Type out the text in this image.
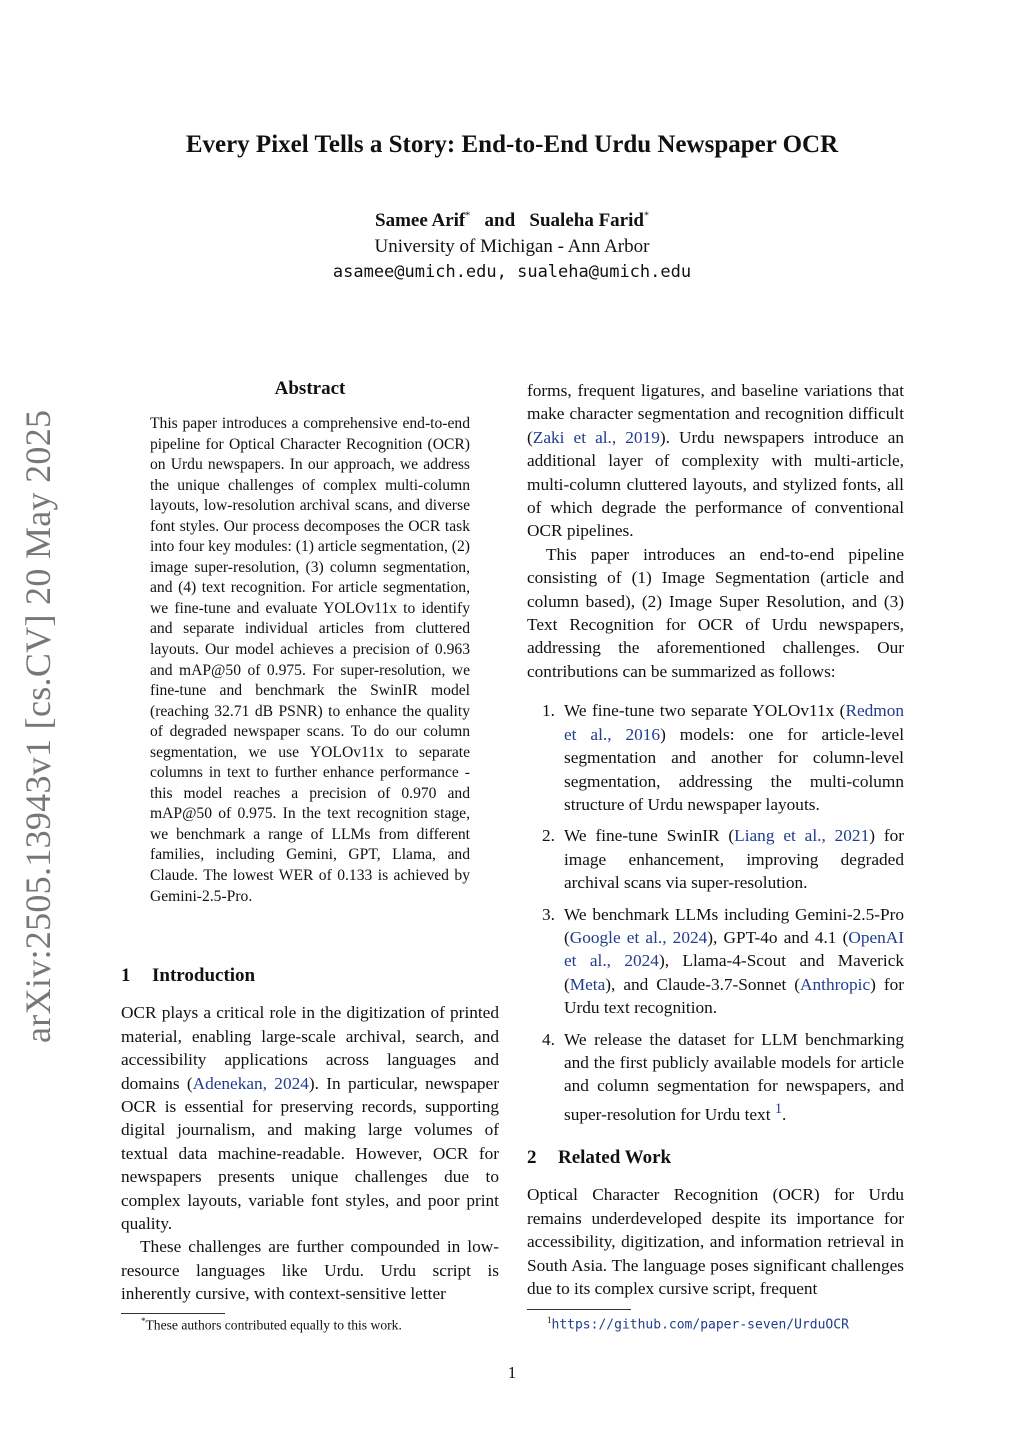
Every Pixel Tells a Story: End-to-End Urdu Newspaper OCR
Samee Arif* and Sualeha Farid*
University of Michigan - Ann Arbor
asamee@umich.edu, sualeha@umich.edu
arXiv:2505.13943v1 [cs.CV] 20 May 2025
Abstract
This paper introduces a comprehensive end-to-end pipeline for Optical Character Recognition (OCR) on Urdu newspapers. In our approach, we address the unique challenges of complex multi-column layouts, low-resolution archival scans, and diverse font styles. Our process decomposes the OCR task into four key modules: (1) article segmentation, (2) image super-resolution, (3) column segmentation, and (4) text recognition. For article segmentation, we fine-tune and evaluate YOLOv11x to identify and separate individual articles from cluttered layouts. Our model achieves a precision of 0.963 and mAP@50 of 0.975. For super-resolution, we fine-tune and benchmark the SwinIR model (reaching 32.71 dB PSNR) to enhance the quality of degraded newspaper scans. To do our column segmentation, we use YOLOv11x to separate columns in text to further enhance performance - this model reaches a precision of 0.970 and mAP@50 of 0.975. In the text recognition stage, we benchmark a range of LLMs from different families, including Gemini, GPT, Llama, and Claude. The lowest WER of 0.133 is achieved by Gemini-2.5-Pro.
1 Introduction

OCR plays a critical role in the digitization of printed material, enabling large-scale archival, search, and accessibility applications across languages and domains (Adenekan, 2024). In particular, newspaper OCR is essential for preserving records, supporting digital journalism, and making large volumes of textual data machine-readable. However, OCR for newspapers presents unique challenges due to complex layouts, variable font styles, and poor print quality.

These challenges are further compounded in low-resource languages like Urdu. Urdu script is inherently cursive, with context-sensitive letter

*These authors contributed equally to this work.

forms, frequent ligatures, and baseline variations that make character segmentation and recognition difficult (Zaki et al., 2019). Urdu newspapers introduce an additional layer of complexity with multi-article, multi-column cluttered layouts, and stylized fonts, all of which degrade the performance of conventional OCR pipelines.

This paper introduces an end-to-end pipeline consisting of (1) Image Segmentation (article and column based), (2) Image Super Resolution, and (3) Text Recognition for OCR of Urdu newspapers, addressing the aforementioned challenges. Our contributions can be summarized as follows:

1. We fine-tune two separate YOLOv11x (Redmon et al., 2016) models: one for article-level segmentation and another for column-level segmentation, addressing the multi-column structure of Urdu newspaper layouts.
2. We fine-tune SwinIR (Liang et al., 2021) for image enhancement, improving degraded archival scans via super-resolution.
3. We benchmark LLMs including Gemini-2.5-Pro (Google et al., 2024), GPT-4o and 4.1 (OpenAI et al., 2024), Llama-4-Scout and Maverick (Meta), and Claude-3.7-Sonnet (Anthropic) for Urdu text recognition.
4. We release the dataset for LLM benchmarking and the first publicly available models for article and column segmentation for newspapers, and super-resolution for Urdu text $^1$.
2 Related Work

Optical Character Recognition (OCR) for Urdu remains underdeveloped despite its importance for accessibility, digitization, and information retrieval in South Asia. The language poses significant challenges due to its complex cursive script, frequent

$^1$https://github.com/paper-seven/UrduOCR
1
